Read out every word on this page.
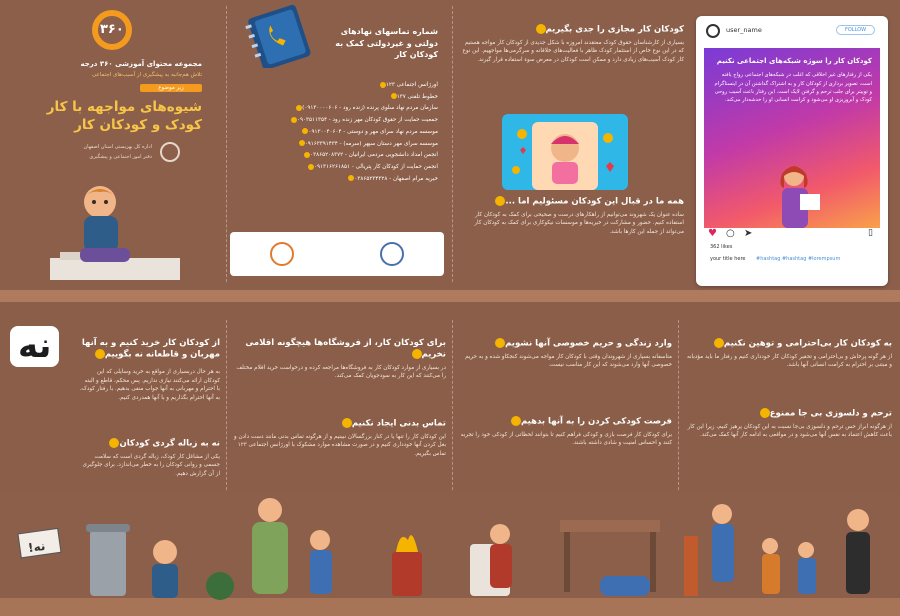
۳۶۰
مجموعه محتوای آموزشی ۳۶۰ درجه
تلاش هم‌جانبه به پیشگیری از آسیب‌های اجتماعی
زیر موضوع
شیوه‌های مواجهه با کار کودک و کودکان کار
اداره کل بهزیستی استان اصفهان
دفتر امور اجتماعی و پیشگیری
شماره تماسهای نهادهای دولتی و غیردولتی کمک به کودکان کار
اورژانس اجتماعی ۱۲۳
خطوط تلفنی ۱۳۷
سازمان مردم نهاد سلوی پرنده (زنده رود - ۰۹۱۳۰۰۰۰۶۰۶)
جمعیت حمایت از حقوق کودکان مهر زنده رود - ۰۹۰۳۵۱۱۳۵۴
موسسه مردم نهاد سرای مهر و دوستی - ۰۹۱۳۰۰۴۰۶۰۴
موسسه سرای مهر دستان سپهر (سرمه) - ۰۹۱۶۳۳۹۱۴۳۴
انجمن امداد دانشجویی مردمی ایرانیان - ۰۳۸۶۵۲۰۸۳۷۲
انجمن حمایت از کودکان کار پتریالی - ۰۹۱۳۱۶۲۶۱۸۵۱
خیریه مرام اصفهان - ۰۳۸۶۵۲۳۴۳۲۸
کودکان کار مجازی را جدی بگیریم
بسیاری از کارشناسان حقوق کودک معتقدند امروزه با شکل جدیدی از کودکان کار مواجه هستیم که در این نوع خاص از استثمار کودک ظاهر با فعالیت‌های خلاقانه و سرگرمی‌ها مواجهیم. این نوع کار کودک آسیب‌های زیادی دارد و ممکن است کودکان در معرض سوء استفاده قرار گیرند.
همه ما در قبال این کودکان مسئولیم اما ...
ساده عنوان یک شهروند می‌توانیم از راهکارهای درست و صحیحی برای کمک به کودکان کار استفاده کنیم. حضور و مشارکت در خیریه‌ها و موسسات نیکوکاری برای کمک به کودکان کار می‌تواند از جمله این کارها باشد.
user_name	FOLLOW
کودکان کار را سوژه شبکه‌های اجتماعی نکنیم
یکی از رفتارهای غیر اخلاقی که اغلب در شبکه‌های اجتماعی رواج یافته است، تصویر برداری از کودکان کار و به اشتراک گذاشتن آن در اینستاگرام و توییتر برای جلب ترحم و گرفتن لایک است. این رفتار باعث آسیب روحی کودک و آبروریزی او می‌شود و کرامت انسانی او را خدشه‌دار می‌کند.
♥ ○ ➤	▯
362 likes
your title here #hashtag #hashtag #lorempsum
نه	از کودکان کار خرید کنیم و به آنها مهربان و قاطعانه نه بگوییم
به هر حال دربسیاری از مواقع به خرید وسایلی که این کودکان ارائه می‌کنند نیازی نداریم. پس محکم، قاطع و البته با احترام و مهربانی به آنها جواب منفی بدهیم. با رفتار کودک، به آنها احترام بگذاریم و با آنها همدردی کنیم.
نه به زباله گردی کودکان
یکی از مشاغل کار کودک، زباله گردی است که سلامت جسمی و روانی کودکان را به خطر می‌اندازد. برای جلوگیری از آن گزارش دهیم.
برای کودکان کار، از فروشگاه‌ها هیچگونه اقلامی نخریم
در بسیاری از موارد کودکان کار به فروشگاه‌ها مراجعه کرده و درخواست خرید اقلام مختلف را می‌کنند که این کار به سودجویان کمک می‌کند.
تماس بدنی ایجاد نکنیم
این کودکان کار را تنها یا در کنار بزرگسالان نبینیم و از هرگونه تماس بدنی مانند دست دادن و بغل کردن آنها خودداری کنیم و در صورت مشاهده موارد مشکوک با اورژانس اجتماعی ۱۲۳ تماس بگیریم.
وارد زندگی و حریم خصوصی آنها نشویم
متاسفانه بسیاری از شهروندان وقتی با کودکان کار مواجه می‌شوند کنجکاو شده و به حریم خصوصی آنها وارد می‌شوند که این کار مناسب نیست.
فرصت کودکی کردن را به آنها بدهیم
برای کودکان کار فرصت بازی و کودکی فراهم کنیم تا بتوانند لحظاتی از کودکی خود را تجربه کنند و احساس امنیت و شادی داشته باشند.
به کودکان کار بی‌احترامی و توهین نکنیم
از هر گونه پرخاش و بی‌احترامی و تحقیر کودکان کار خودداری کنیم و رفتار ما باید مؤدبانه و مبتنی بر احترام به کرامت انسانی آنها باشد.
ترحم و دلسوزی بی جا ممنوع
از هرگونه ابراز حس ترحم و دلسوزی بی‌جا نسبت به این کودکان پرهیز کنیم، زیرا این کار باعث کاهش اعتماد به نفس آنها می‌شود و در مواقعی به ادامه کار آنها کمک می‌کند.
!نه
